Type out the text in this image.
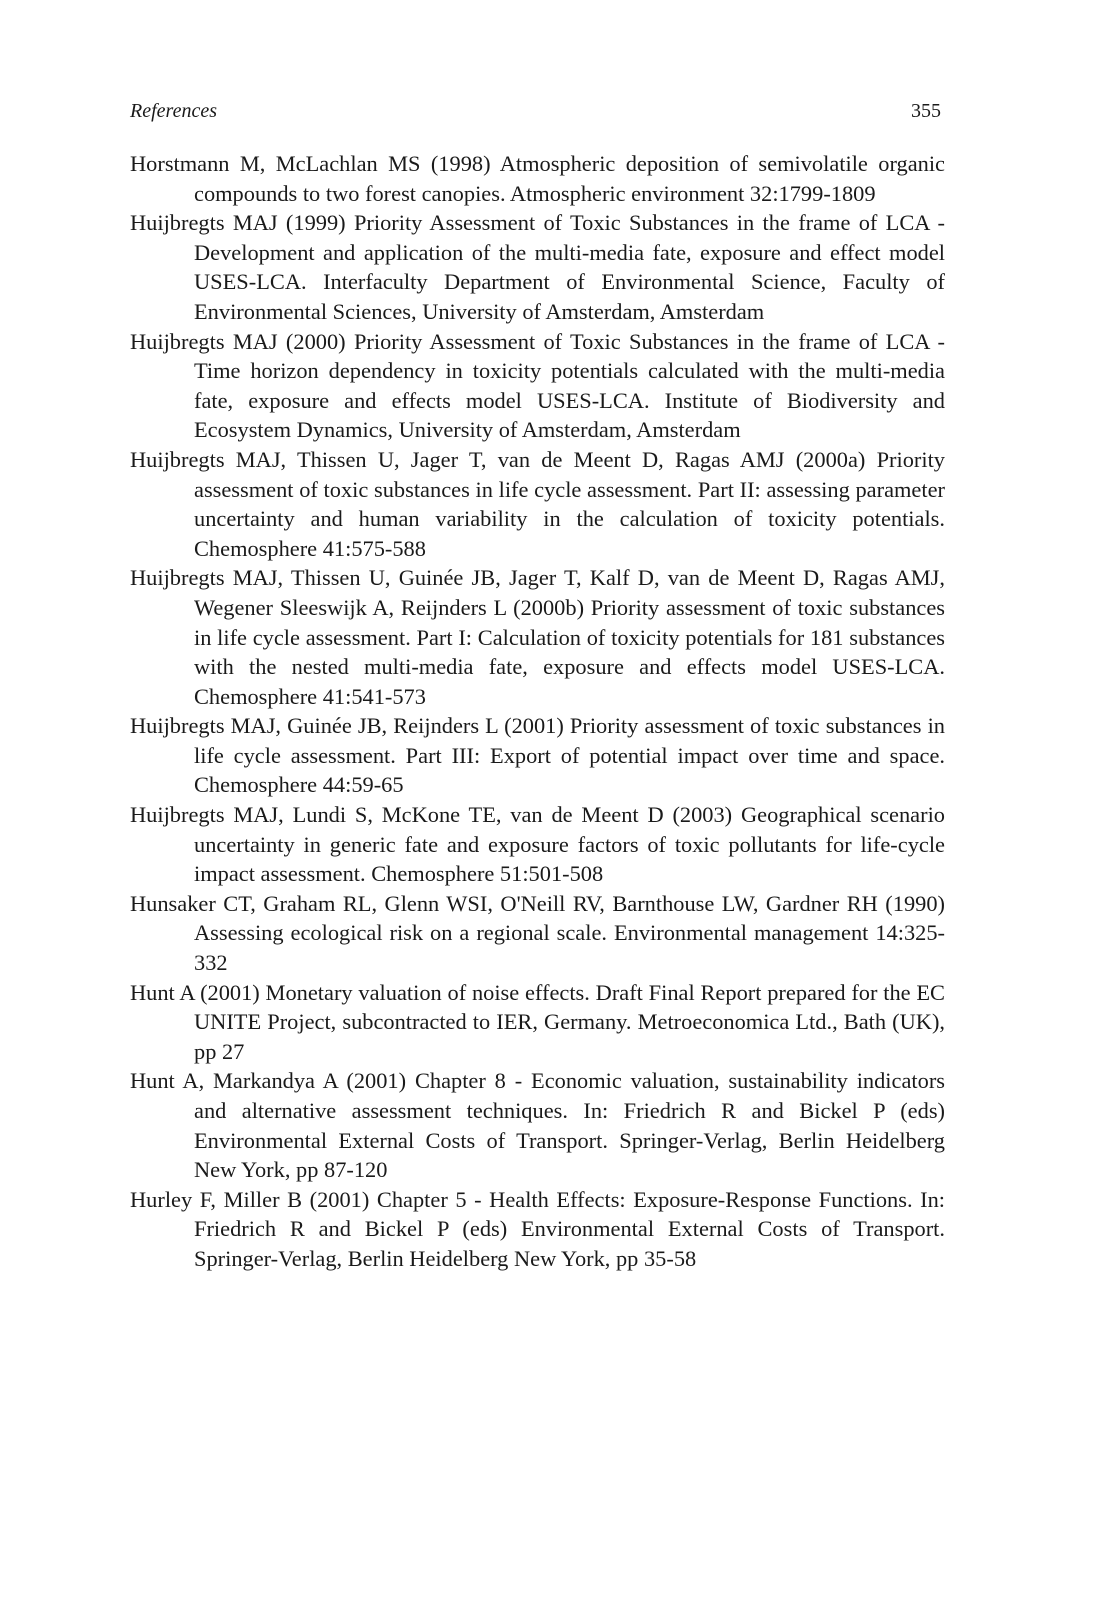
References	355
Horstmann M, McLachlan MS (1998) Atmospheric deposition of semivolatile organic compounds to two forest canopies. Atmospheric environment 32:1799-1809
Huijbregts MAJ (1999) Priority Assessment of Toxic Substances in the frame of LCA - Development and application of the multi-media fate, exposure and effect model USES-LCA. Interfaculty Department of Environmental Science, Faculty of Environmental Sciences, University of Amsterdam, Amsterdam
Huijbregts MAJ (2000) Priority Assessment of Toxic Substances in the frame of LCA - Time horizon dependency in toxicity potentials calculated with the multi-media fate, exposure and effects model USES-LCA. Institute of Biodiversity and Ecosystem Dynamics, University of Amsterdam, Amsterdam
Huijbregts MAJ, Thissen U, Jager T, van de Meent D, Ragas AMJ (2000a) Priority assessment of toxic substances in life cycle assessment. Part II: assessing parameter uncertainty and human variability in the calculation of toxicity potentials. Chemosphere 41:575-588
Huijbregts MAJ, Thissen U, Guinée JB, Jager T, Kalf D, van de Meent D, Ragas AMJ, Wegener Sleeswijk A, Reijnders L (2000b) Priority assessment of toxic substances in life cycle assessment. Part I: Calculation of toxicity potentials for 181 substances with the nested multi-media fate, exposure and effects model USES-LCA. Chemosphere 41:541-573
Huijbregts MAJ, Guinée JB, Reijnders L (2001) Priority assessment of toxic substances in life cycle assessment. Part III: Export of potential impact over time and space. Chemosphere 44:59-65
Huijbregts MAJ, Lundi S, McKone TE, van de Meent D (2003) Geographical scenario uncertainty in generic fate and exposure factors of toxic pollutants for life-cycle impact assessment. Chemosphere 51:501-508
Hunsaker CT, Graham RL, Glenn WSI, O'Neill RV, Barnthouse LW, Gardner RH (1990) Assessing ecological risk on a regional scale. Environmental management 14:325-332
Hunt A (2001) Monetary valuation of noise effects. Draft Final Report prepared for the EC UNITE Project, subcontracted to IER, Germany. Metroeconomica Ltd., Bath (UK), pp 27
Hunt A, Markandya A (2001) Chapter 8 - Economic valuation, sustainability indicators and alternative assessment techniques. In: Friedrich R and Bickel P (eds) Environmental External Costs of Transport. Springer-Verlag, Berlin Heidelberg New York, pp 87-120
Hurley F, Miller B (2001) Chapter 5 - Health Effects: Exposure-Response Functions. In: Friedrich R and Bickel P (eds) Environmental External Costs of Transport. Springer-Verlag, Berlin Heidelberg New York, pp 35-58
